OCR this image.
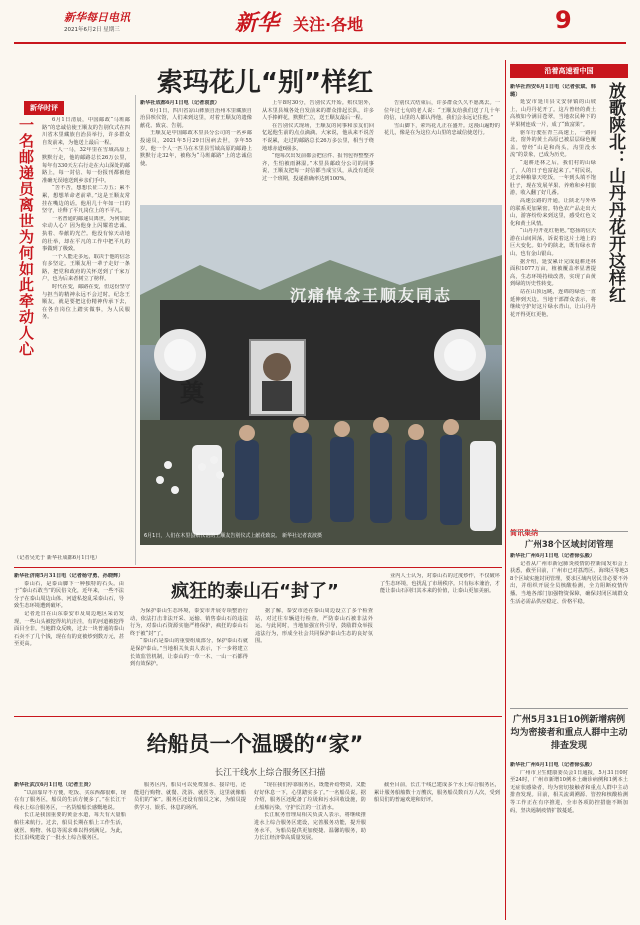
新华每日电讯
2021年6月2日 星期三	新华 关注·各地	9
索玛花儿“别”样红
新华时评
一名邮递员离世为何如此牵动人心	6月1日清晨，中国邮政“马班邮路”的忠诚信使王顺友的告别仪式在四川省木里藏族自治县举行，许多群众自发前来，为他送上最后一程。

一人一马，32年里在雪域高原上默默行走，他的邮路总长26万公里，每年有330天左右行走在大山深处的邮路上，每一封信、每一份报刊都被他准确无误地送到乡亲们手中。

“苦不苦，想想长征二万五；累不累，想想革命老前辈。”这是王顺友常挂在嘴边的话。他用几十年如一日的坚守，诠释了平凡岗位上的不平凡。

一名普通的邮递员离世，为何如此牵动人心？因为他身上闪耀着忠诚、执着、奉献的光芒。他没有惊天动地的壮举，却在平凡的工作中把平凡的事做到了极致。

一个人能走多远，取决于他的信念有多坚定。王顺友用一辈子走好一条路，把党和政府的关怀送到了千家万户，也为后来者树立了榜样。

时代在变，邮路在变，但这份坚守与担当的精神永远不会过时。纪念王顺友，就是要把这份精神传承下去，在各自岗位上踏实做事，为人民服务。

（记者吴光于 新华社成都6月1日电）

新华社成都6月1日电（记者袁波）

6月1日，四川省凉山彝族自治州木里藏族自治县殡仪馆，人们来到这里，对着王顺友的遗像献花、致哀、告别。

王顺友是中国邮政木里县分公司的一名乡邮投递员，2021年5月29日因病去世，享年55岁。他一个人一匹马在木里县雪域高原的邮路上默默行走32年，被称为“马班邮路”上的忠诚信使。

上午8时30分，告别仪式开始。殡仪馆外，从木里县城各处自发前来的群众排起长队，许多人手捧鲜花，默默伫立，送王顺友最后一程。

在告别仪式现场，王顺友的同事和亲友们回忆起他生前的点点滴滴。大家说，他从来不说苦不说累，走过的邮路总长26万多公里，相当于绕地球赤道6圈多。

“他每次出发前都会把信件、报刊包得整整齐齐，生怕被雨淋湿。”木里县邮政分公司的同事说，王顺友把每一封信都当成宝贝，从没有延误过一个班期，投递准确率达到100%。

告别仪式结束后，许多群众久久不愿离去。一位年过七旬的老人说：“王顺友给我们送了几十年的信，山里的人都认得他，我们会永远记住他。”

雪山脚下，索玛花儿正在盛开。这漫山遍野的花儿，像是在为这位大山里的忠诚信使送行。

沉痛悼念王顺友同志
奠
6月1日，人们在木里县殡仪馆的王顺友告别仪式上献花致哀。 新华社记者袁波摄
沿着高速看中国
放歌陕北：山丹丹花开这样红

新华社西安6月1日电（记者张斌、韩璐）

延安市延川县文安驿镇的山坡上，山丹丹花开了。这片曾经的黄土高坡如今满目苍翠，当地农民种下的苹果树连成一片，成了“致富果”。

驱车行驶在青兰高速上，一路向北，窗外的黄土高原已被层层绿色覆盖。曾经“山是和尚头，沟里没水流”的景象，已成为历史。

“退耕还林之后，我们村的山绿了，人的日子也富起来了。”村民说，过去种粮靠天吃饭，一年到头填不饱肚子，现在发展苹果、养殖和乡村旅游，收入翻了好几番。

高速公路的开通，让陕北与外界的联系更加紧密。特色农产品走出大山，游客纷纷来到这里，感受红色文化和黄土风情。

“山丹丹开花红艳艳。”悠扬的信天游在山间回荡，诉说着这片土地上的巨大变化。如今的陕北，既有绿水青山，也有金山银山。

据介绍，延安累计完成退耕还林面积1077万亩，植被覆盖率显著提高，生态环境持续改善，实现了由黄到绿的历史性转变。

站在山顶远眺，连绵的绿色一直延伸到天边。当地干部群众表示，将继续守护好这片绿水青山，让山丹丹花开得更红更艳。

简讯集纳
广州38个区域封闭管理

新华社广州6月1日电（记者徐弘毅）

记者从广州市新冠肺炎疫情防控新闻发布会上获悉，截至目前，广州市已对荔湾区、海珠区等地38个区域实施封闭管理，要求区域内居民非必要不外出，并组织开展全员核酸检测，全力阻断疫情传播。当地各部门加强物资保障，确保封闭区域群众生活必需品供应稳定、价格平稳。

广州5月31日10例新增病例均为密接者和重点人群中主动排查发现

新华社广州6月1日电（记者徐弘毅）

广州市卫生健康委员会1日通报，5月31日0时至24时，广州市新增10例本土确诊病例和1例本土无症状感染者，均为密切接触者和重点人群中主动排查发现。目前，相关流调溯源、管控和核酸检测等工作正在有序推进，全市各项防控措施不断加码，坚决遏制疫情扩散蔓延。

新华社济南5月31日电（记者杨守勇、孙晓辉）

泰山石，是泰山脚下一种独特的石头。由于“泰山石敢当”的民俗文化，近年来，一些不法分子在泰山周边山体、河道私挖乱采泰山石，导致生态环境遭到破坏。

记者近日在山东泰安市及周边地区采访发现，一些山头被挖得坑坑洼洼，有的河道被挖得面目全非。当地群众反映，过去一块普通的泰山石卖不了几个钱，现在有的竟被炒到数万元，甚至更高。

疯狂的泰山石“封了”

为保护泰山生态环境，泰安市开展专项整治行动，依法打击非法开采、运输、销售泰山石的违法行为，对泰山石资源实施严格保护，疯狂的泰山石终于被“封”了。

“泰山石是泰山的重要组成部分，保护泰山石就是保护泰山。”当地相关负责人表示，下一步将建立长效监管机制，让泰山的一草一木、一山一石都得到有效保护。

据了解，泰安市还在泰山周边设立了多个检查站，对过往车辆进行检查，严防泰山石被非法外运。与此同时，当地加强宣传引导，鼓励群众举报违法行为，形成全社会共同保护泰山生态的良好氛围。

业内人士认为，对泰山石的过度炒作，不仅破坏了生态环境，也扰乱了市场秩序。只有标本兼治，才能让泰山石回归其本来的价值，让泰山更加美丽。

给船员一个温暖的“家”
长江干线水上综合服务区扫描

新华社武汉6月1日电（记者王贤）

“以前靠岸不方便，吃饭、买东西都很难，现在有了服务区，船员的生活方便多了。”在长江干线水上综合服务区，一名货船船长感慨地说。

长江是我国重要的黄金水道，每天有大量船舶往来航行。过去，船员长期在船上工作生活，就医、购物、休息等需求难以得到满足。为此，长江沿线建设了一批水上综合服务区。

服务区内，船员可以免费加水、接岸电，还能进行购物、就餐、洗浴、就医等，这里就像船员们的“家”。服务区还设有船员之家，为船员提供学习、娱乐、休息的场所。

“现在我们停靠服务区，既能补给物资，又能好好休息一下，心里踏实多了。”一名船员说。据介绍，服务区还配备了垃圾和污水回收设施，防止船舶污染，守护长江的一江清水。

长江航务管理局相关负责人表示，将继续推进水上综合服务区建设，完善服务功能，提升服务水平，为船员提供更加便捷、温馨的服务，助力长江经济带高质量发展。

截至目前，长江干线已建成多个水上综合服务区，累计服务船舶数十万艘次，服务船员数百万人次，受到船员们的普遍欢迎和好评。
